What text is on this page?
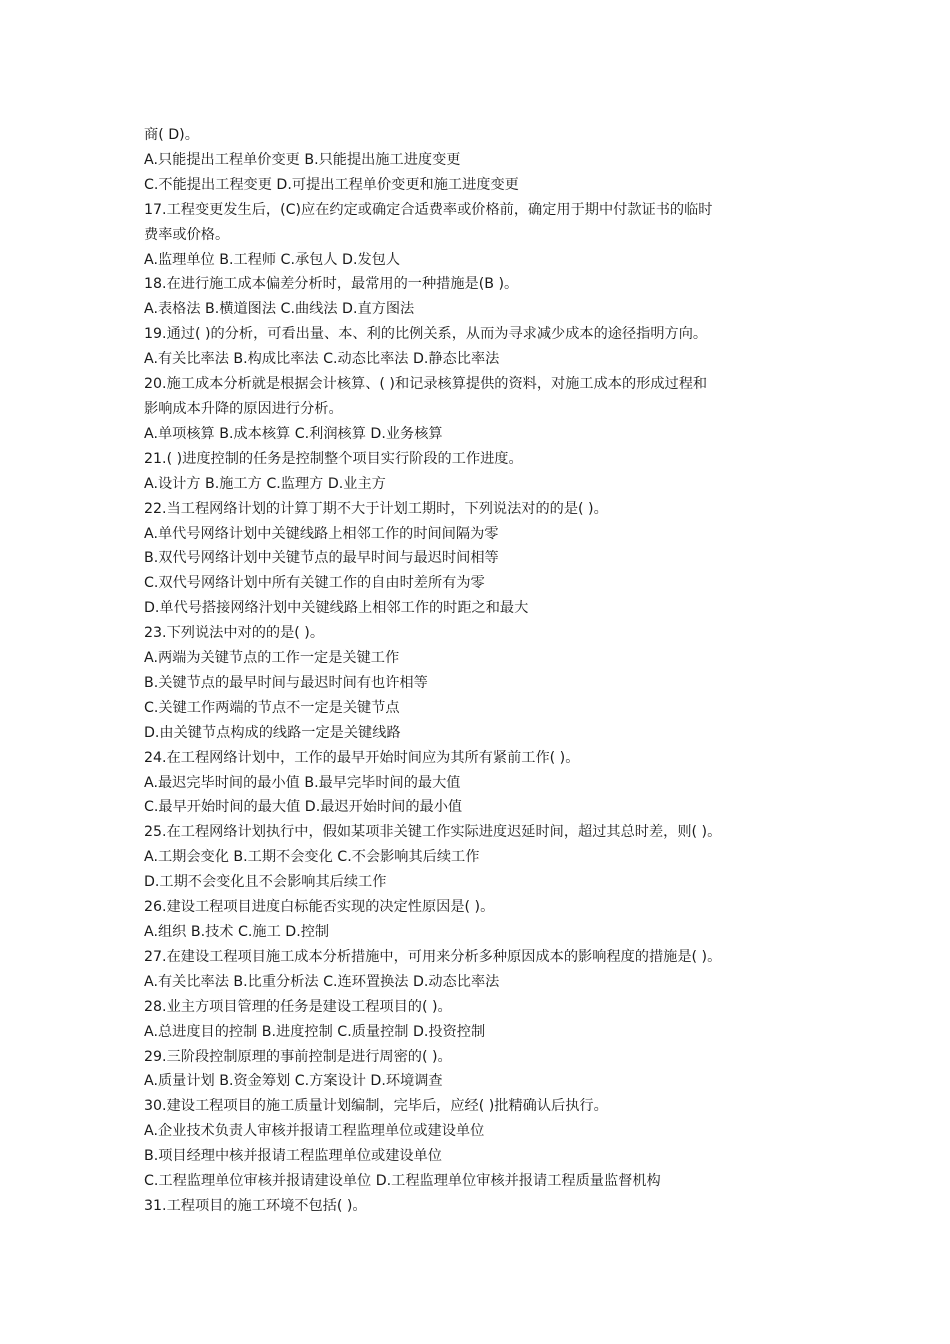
商( D)。
A.只能提出工程单价变更 B.只能提出施工进度变更
C.不能提出工程变更 D.可提出工程单价变更和施工进度变更
17.工程变更发生后，(C)应在约定或确定合适费率或价格前，确定用于期中付款证书的临时
费率或价格。
A.监理单位 B.工程师 C.承包人 D.发包人
18.在进行施工成本偏差分析时，最常用的一种措施是(B )。
A.表格法 B.横道图法 C.曲线法 D.直方图法
19.通过( )的分析，可看出量、本、利的比例关系，从而为寻求减少成本的途径指明方向。
A.有关比率法 B.构成比率法 C.动态比率法 D.静态比率法
20.施工成本分析就是根据会计核算、( )和记录核算提供的资料，对施工成本的形成过程和
影响成本升降的原因进行分析。
A.单项核算 B.成本核算 C.利润核算 D.业务核算
21.( )进度控制的任务是控制整个项目实行阶段的工作进度。
A.设计方 B.施工方 C.监理方 D.业主方
22.当工程网络计划的计算丁期不大于计划工期时，下列说法对的的是( )。
A.单代号网络计划中关键线路上相邻工作的时间间隔为零
B.双代号网络计划中关键节点的最早时间与最迟时间相等
C.双代号网络计划中所有关键工作的自由时差所有为零
D.单代号搭接网络汁划中关键线路上相邻工作的时距之和最大
23.下列说法中对的的是( )。
A.两端为关键节点的工作一定是关键工作
B.关键节点的最早时间与最迟时间有也许相等
C.关键工作两端的节点不一定是关键节点
D.由关键节点构成的线路一定是关键线路
24.在工程网络计划中，工作的最早开始时间应为其所有紧前工作( )。
A.最迟完毕时间的最小值 B.最早完毕时间的最大值
C.最早开始时间的最大值 D.最迟开始时间的最小值
25.在工程网络计划执行中，假如某项非关键工作实际进度迟延时间，超过其总时差，则( )。
A.工期会变化 B.工期不会变化 C.不会影响其后续工作
D.工期不会变化且不会影响其后续工作
26.建设工程项目进度白标能否实现的决定性原因是( )。
A.组织 B.技术 C.施工 D.控制
27.在建设工程项目施工成本分析措施中，可用来分析多种原因成本的影响程度的措施是( )。
A.有关比率法 B.比重分析法 C.连环置换法 D.动态比率法
28.业主方项目管理的任务是建设工程项目的( )。
A.总进度目的控制 B.进度控制 C.质量控制 D.投资控制
29.三阶段控制原理的事前控制是进行周密的( )。
A.质量计划 B.资金筹划 C.方案设计 D.环境调查
30.建设工程项目的施工质量计划编制，完毕后，应经( )批精确认后执行。
A.企业技术负责人审核并报请工程监理单位或建设单位
B.项目经理中核并报请工程监理单位或建设单位
C.工程监理单位审核并报请建设单位 D.工程监理单位审核并报请工程质量监督机构
31.工程项目的施工环境不包括( )。
